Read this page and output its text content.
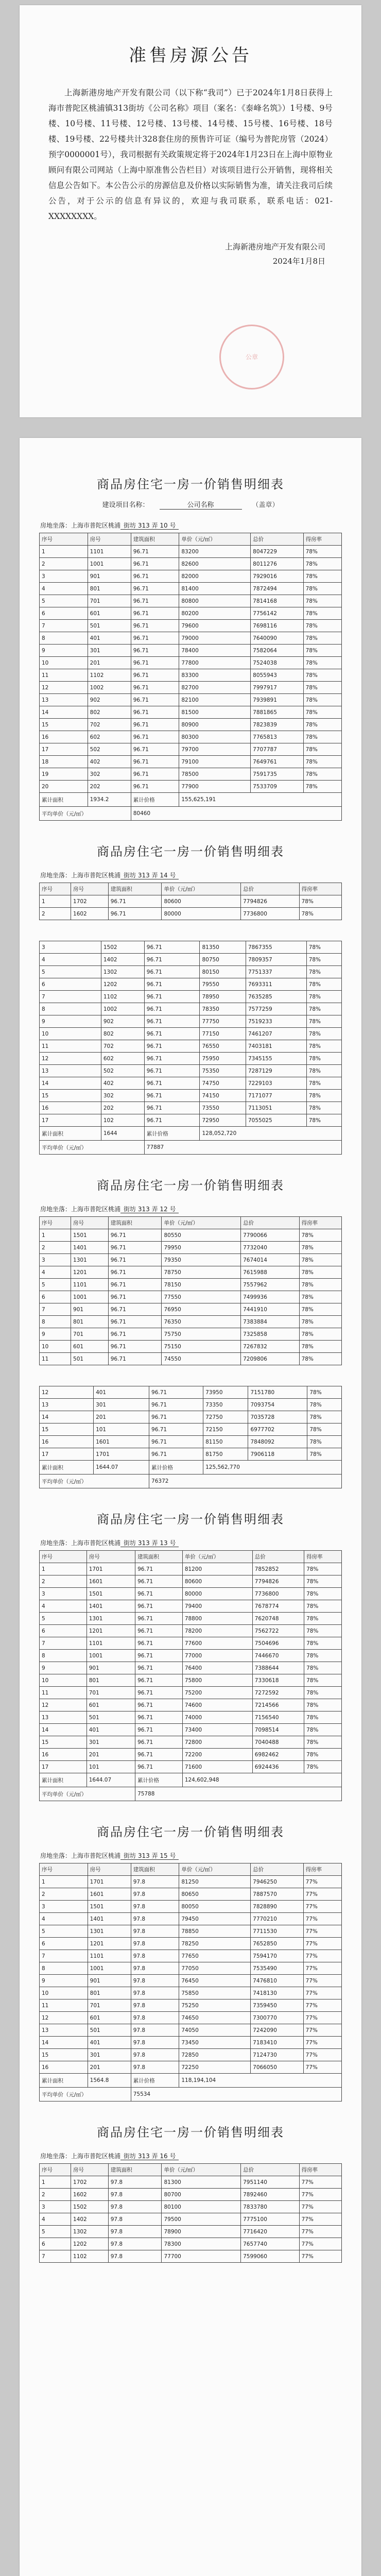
准售房源公告
上海新港房地产开发有限公司（以下称“我司”）已于2024年1月8日获得上海市普陀区桃浦镇313街坊《公司名称》项目（案名：《泰峰名筑》）1号楼、9号楼、10号楼、11号楼、12号楼、13号楼、14号楼、15号楼、16号楼、18号楼、19号楼、22号楼共计328套住房的预售许可证（编号为普陀房管（2024）预字0000001号），我司根据有关政策规定将于2024年1月23日在上海中原物业顾问有限公司网站（上海中原准售公告栏目）对该项目进行公开销售，现将相关信息公告如下。本公告公示的房源信息及价格以实际销售为准，请关注我司后续公告，对于公示的信息有异议的，欢迎与我司联系，联系电话：021-XXXXXXXX。
上海新港房地产开发有限公司
2024年1月8日
公章
商品房住宅一房一价销售明细表
建设项目名称：	公司名称	（盖章）
房地坐落：上海市普陀区桃浦 街坊 313 弄 10 号
序号	房号	建筑面积	单价（元/㎡）	总价	得房率
1	1101	96.71	83200	8047229	78%
2	1001	96.71	82600	8011276	78%
3	901	96.71	82000	7929016	78%
4	801	96.71	81400	7872494	78%
5	701	96.71	80800	7814168	78%
6	601	96.71	80200	7756142	78%
7	501	96.71	79600	7698116	78%
8	401	96.71	79000	7640090	78%
9	301	96.71	78400	7582064	78%
10	201	96.71	77800	7524038	78%
11	1102	96.71	83300	8055943	78%
12	1002	96.71	82700	7997917	78%
13	902	96.71	82100	7939891	78%
14	802	96.71	81500	7881865	78%
15	702	96.71	80900	7823839	78%
16	602	96.71	80300	7765813	78%
17	502	96.71	79700	7707787	78%
18	402	96.71	79100	7649761	78%
19	302	96.71	78500	7591735	78%
20	202	96.71	77900	7533709	78%
累计面积	1934.2	累计价格	155,625,191		
平均单价（元/㎡）		80460			
商品房住宅一房一价销售明细表
房地坐落：上海市普陀区桃浦 街坊 313 弄 14 号
序号	房号	建筑面积	单价（元/㎡）	总价	得房率
1	1702	96.71	80600	7794826	78%
2	1602	96.71	80000	7736800	78%
3	1502	96.71	81350	7867355	78%
4	1402	96.71	80750	7809357	78%
5	1302	96.71	80150	7751337	78%
6	1202	96.71	79550	7693311	78%
7	1102	96.71	78950	7635285	78%
8	1002	96.71	78350	7577259	78%
9	902	96.71	77750	7519233	78%
10	802	96.71	77150	7461207	78%
11	702	96.71	76550	7403181	78%
12	602	96.71	75950	7345155	78%
13	502	96.71	75350	7287129	78%
14	402	96.71	74750	7229103	78%
15	302	96.71	74150	7171077	78%
16	202	96.71	73550	7113051	78%
17	102	96.71	72950	7055025	78%
累计面积	1644	累计价格	128,052,720		
平均单价（元/㎡）		77887			
商品房住宅一房一价销售明细表
房地坐落：上海市普陀区桃浦 街坊 313 弄 12 号
序号	房号	建筑面积	单价（元/㎡）	总价	得房率
1	1501	96.71	80550	7790066	78%
2	1401	96.71	79950	7732040	78%
3	1301	96.71	79350	7674014	78%
4	1201	96.71	78750	7615988	78%
5	1101	96.71	78150	7557962	78%
6	1001	96.71	77550	7499936	78%
7	901	96.71	76950	7441910	78%
8	801	96.71	76350	7383884	78%
9	701	96.71	75750	7325858	78%
10	601	96.71	75150	7267832	78%
11	501	96.71	74550	7209806	78%
12	401	96.71	73950	7151780	78%
13	301	96.71	73350	7093754	78%
14	201	96.71	72750	7035728	78%
15	101	96.71	72150	6977702	78%
16	1601	96.71	81150	7848092	78%
17	1701	96.71	81750	7906118	78%
累计面积	1644.07	累计价格	125,562,770		
平均单价（元/㎡）		76372			
商品房住宅一房一价销售明细表
房地坐落：上海市普陀区桃浦 街坊 313 弄 13 号
序号	房号	建筑面积	单价（元/㎡）	总价	得房率
1	1701	96.71	81200	7852852	78%
2	1601	96.71	80600	7794826	78%
3	1501	96.71	80000	7736800	78%
4	1401	96.71	79400	7678774	78%
5	1301	96.71	78800	7620748	78%
6	1201	96.71	78200	7562722	78%
7	1101	96.71	77600	7504696	78%
8	1001	96.71	77000	7446670	78%
9	901	96.71	76400	7388644	78%
10	801	96.71	75800	7330618	78%
11	701	96.71	75200	7272592	78%
12	601	96.71	74600	7214566	78%
13	501	96.71	74000	7156540	78%
14	401	96.71	73400	7098514	78%
15	301	96.71	72800	7040488	78%
16	201	96.71	72200	6982462	78%
17	101	96.71	71600	6924436	78%
累计面积	1644.07	累计价格	124,602,948		
平均单价（元/㎡）		75788			
商品房住宅一房一价销售明细表
房地坐落：上海市普陀区桃浦 街坊 313 弄 15 号
序号	房号	建筑面积	单价（元/㎡）	总价	得房率
1	1701	97.8	81250	7946250	77%
2	1601	97.8	80650	7887570	77%
3	1501	97.8	80050	7828890	77%
4	1401	97.8	79450	7770210	77%
5	1301	97.8	78850	7711530	77%
6	1201	97.8	78250	7652850	77%
7	1101	97.8	77650	7594170	77%
8	1001	97.8	77050	7535490	77%
9	901	97.8	76450	7476810	77%
10	801	97.8	75850	7418130	77%
11	701	97.8	75250	7359450	77%
12	601	97.8	74650	7300770	77%
13	501	97.8	74050	7242090	77%
14	401	97.8	73450	7183410	77%
15	301	97.8	72850	7124730	77%
16	201	97.8	72250	7066050	77%
累计面积	1564.8	累计价格	118,194,104		
平均单价（元/㎡）		75534			
商品房住宅一房一价销售明细表
房地坐落：上海市普陀区桃浦 街坊 313 弄 16 号
序号	房号	建筑面积	单价（元/㎡）	总价	得房率
1	1702	97.8	81300	7951140	77%
2	1602	97.8	80700	7892460	77%
3	1502	97.8	80100	7833780	77%
4	1402	97.8	79500	7775100	77%
5	1302	97.8	78900	7716420	77%
6	1202	97.8	78300	7657740	77%
7	1102	97.8	77700	7599060	77%
